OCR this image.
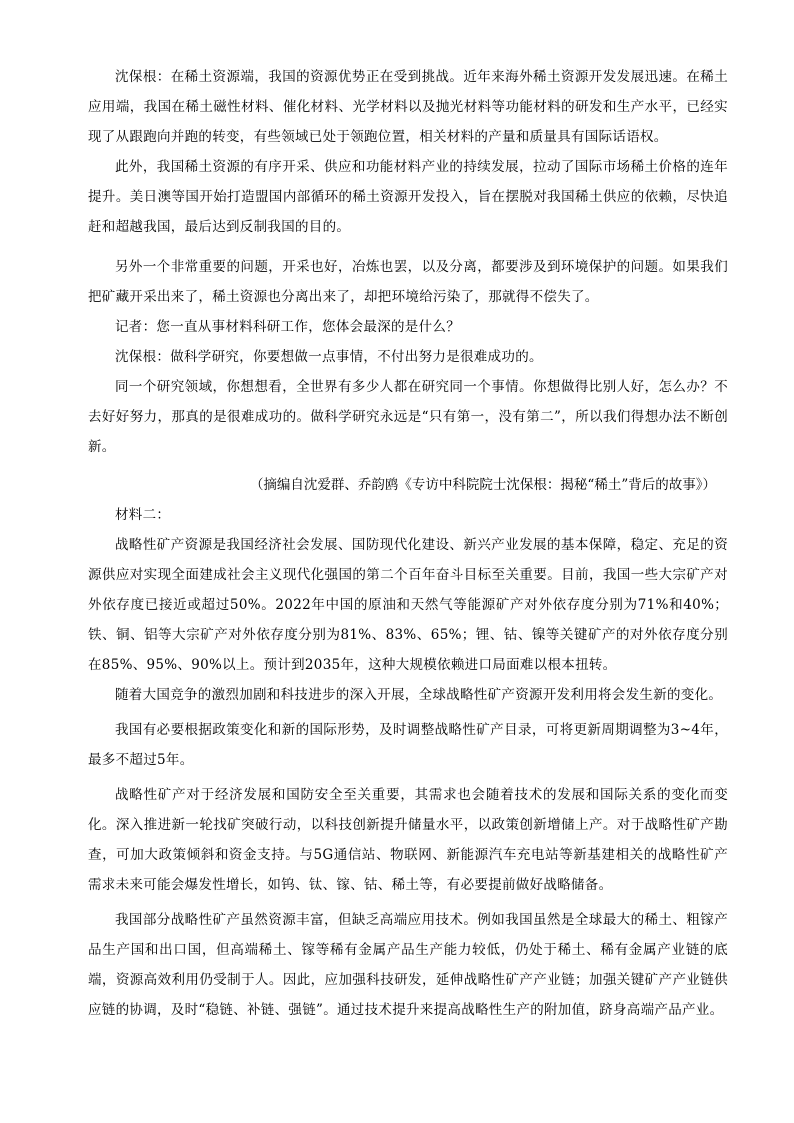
沈保根：在稀土资源端，我国的资源优势正在受到挑战。近年来海外稀土资源开发发展迅速。在稀土应用端，我国在稀土磁性材料、催化材料、光学材料以及抛光材料等功能材料的研发和生产水平，已经实现了从跟跑向并跑的转变，有些领域已处于领跑位置，相关材料的产量和质量具有国际话语权。

此外，我国稀土资源的有序开采、供应和功能材料产业的持续发展，拉动了国际市场稀土价格的连年提升。美日澳等国开始打造盟国内部循环的稀土资源开发投入，旨在摆脱对我国稀土供应的依赖，尽快追赶和超越我国，最后达到反制我国的目的。

另外一个非常重要的问题，开采也好，冶炼也罢，以及分离，都要涉及到环境保护的问题。如果我们把矿藏开采出来了，稀土资源也分离出来了，却把环境给污染了，那就得不偿失了。

记者：您一直从事材料科研工作，您体会最深的是什么？

沈保根：做科学研究，你要想做一点事情，不付出努力是很难成功的。

同一个研究领域，你想想看，全世界有多少人都在研究同一个事情。你想做得比别人好，怎么办？不去好好努力，那真的是很难成功的。做科学研究永远是“只有第一，没有第二”，所以我们得想办法不断创新。

（摘编自沈爱群、乔韵鸥《专访中科院院士沈保根：揭秘“稀土”背后的故事》）

材料二：

战略性矿产资源是我国经济社会发展、国防现代化建设、新兴产业发展的基本保障，稳定、充足的资源供应对实现全面建成社会主义现代化强国的第二个百年奋斗目标至关重要。目前，我国一些大宗矿产对外依存度已接近或超过50%。2022年中国的原油和天然气等能源矿产对外依存度分别为71%和40%；铁、铜、铝等大宗矿产对外依存度分别为81%、83%、65%；锂、钴、镍等关键矿产的对外依存度分别在85%、95%、90%以上。预计到2035年，这种大规模依赖进口局面难以根本扭转。

随着大国竞争的激烈加剧和科技进步的深入开展，全球战略性矿产资源开发利用将会发生新的变化。

我国有必要根据政策变化和新的国际形势，及时调整战略性矿产目录，可将更新周期调整为3~4年，最多不超过5年。

战略性矿产对于经济发展和国防安全至关重要，其需求也会随着技术的发展和国际关系的变化而变化。深入推进新一轮找矿突破行动，以科技创新提升储量水平，以政策创新增储上产。对于战略性矿产勘查，可加大政策倾斜和资金支持。与5G通信站、物联网、新能源汽车充电站等新基建相关的战略性矿产需求未来可能会爆发性增长，如钨、钛、镓、钴、稀土等，有必要提前做好战略储备。

我国部分战略性矿产虽然资源丰富，但缺乏高端应用技术。例如我国虽然是全球最大的稀土、粗镓产品生产国和出口国，但高端稀土、镓等稀有金属产品生产能力较低，仍处于稀土、稀有金属产业链的底端，资源高效利用仍受制于人。因此，应加强科技研发，延伸战略性矿产产业链；加强关键矿产产业链供应链的协调，及时“稳链、补链、强链”。通过技术提升来提高战略性生产的附加值，跻身高端产品产业。
